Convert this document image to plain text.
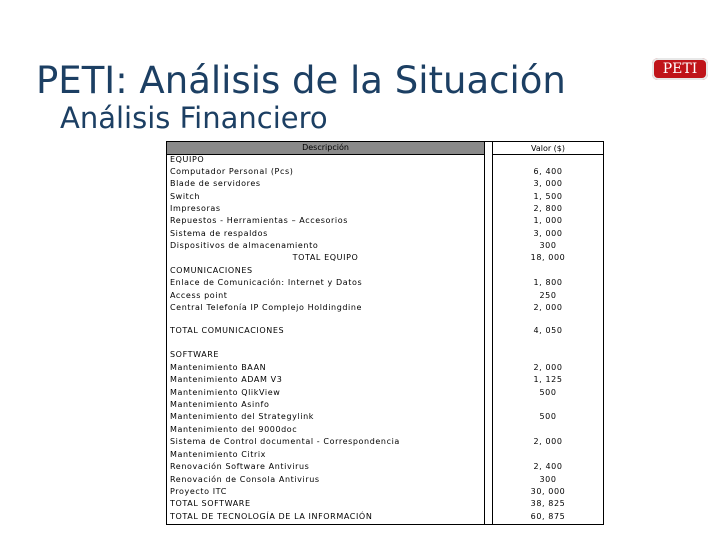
PETI: Análisis de la Situación
Análisis Financiero
PETI
Descripción	Valor ($)
EQUIPO
Computador Personal (Pcs)	6, 400
Blade de servidores	3, 000
Switch	1, 500
Impresoras	2, 800
Repuestos - Herramientas – Accesorios	1, 000
Sistema de respaldos	3, 000
Dispositivos de almacenamiento	300
TOTAL EQUIPO	18, 000
COMUNICACIONES
Enlace de Comunicación: Internet y Datos	1, 800
Access point	250
Central Telefonía IP Complejo Holdingdine	2, 000
TOTAL COMUNICACIONES	4, 050
SOFTWARE
Mantenimiento BAAN	2, 000
Mantenimiento ADAM V3	1, 125
Mantenimiento QlikView	500
Mantenimiento Asinfo
Mantenimiento del Strategylink	500
Mantenimiento del 9000doc
Sistema de Control documental - Correspondencia	2, 000
Mantenimiento Citrix
Renovación Software Antivirus	2, 400
Renovación de Consola Antivirus	300
Proyecto ITC	30, 000
TOTAL SOFTWARE	38, 825
TOTAL DE TECNOLOGÍA DE LA INFORMACIÓN	60, 875
